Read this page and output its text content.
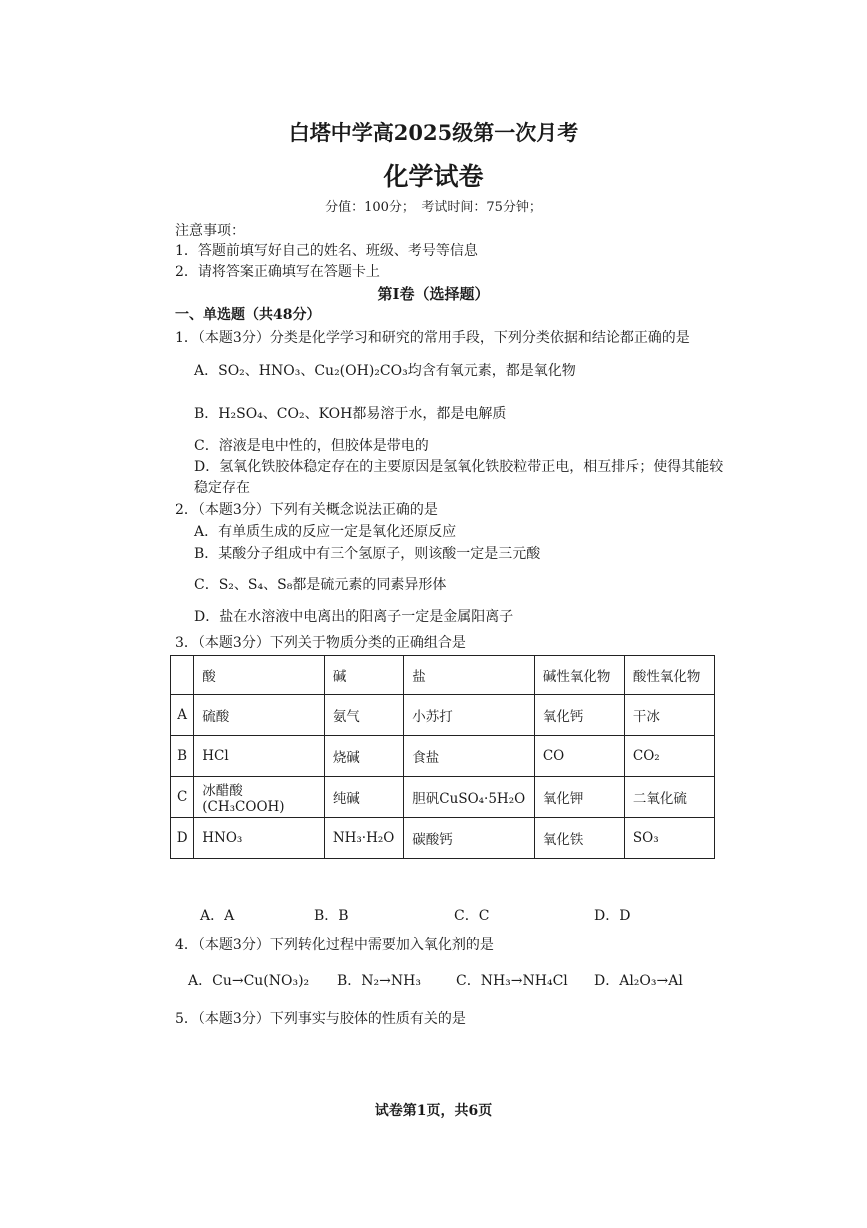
白塔中学高2025级第一次月考
化学试卷
分值：100分；　考试时间：75分钟；
注意事项：
1．答题前填写好自己的姓名、班级、考号等信息
2．请将答案正确填写在答题卡上
第Ⅰ卷（选择题）
一、单选题（共48分）
1．（本题3分）分类是化学学习和研究的常用手段，下列分类依据和结论都正确的是
A．SO₂、HNO₃、Cu₂(OH)₂CO₃均含有氧元素，都是氧化物
B．H₂SO₄、CO₂、KOH都易溶于水，都是电解质
C．溶液是电中性的，但胶体是带电的
D．氢氧化铁胶体稳定存在的主要原因是氢氧化铁胶粒带正电，相互排斥；使得其能较
稳定存在
2．（本题3分）下列有关概念说法正确的是
A．有单质生成的反应一定是氧化还原反应
B．某酸分子组成中有三个氢原子，则该酸一定是三元酸
C．S₂、S₄、S₈都是硫元素的同素异形体
D．盐在水溶液中电离出的阳离子一定是金属阳离子
3．（本题3分）下列关于物质分类的正确组合是
	酸	碱	盐	碱性氧化物	酸性氧化物
A	硫酸	氨气	小苏打	氧化钙	干冰
B	HCl	烧碱	食盐	CO	CO₂
C	冰醋酸(CH₃COOH)	纯碱	胆矾CuSO₄·5H₂O	氧化钾	二氧化硫
D	HNO₃	NH₃·H₂O	碳酸钙	氧化铁	SO₃
A．A	B．B	C．C	D．D
4．（本题3分）下列转化过程中需要加入氧化剂的是
A．Cu→Cu(NO₃)₂ B．N₂→NH₃	C．NH₃→NH₄Cl D．Al₂O₃→Al
5．（本题3分）下列事实与胶体的性质有关的是
试卷第1页，共6页
